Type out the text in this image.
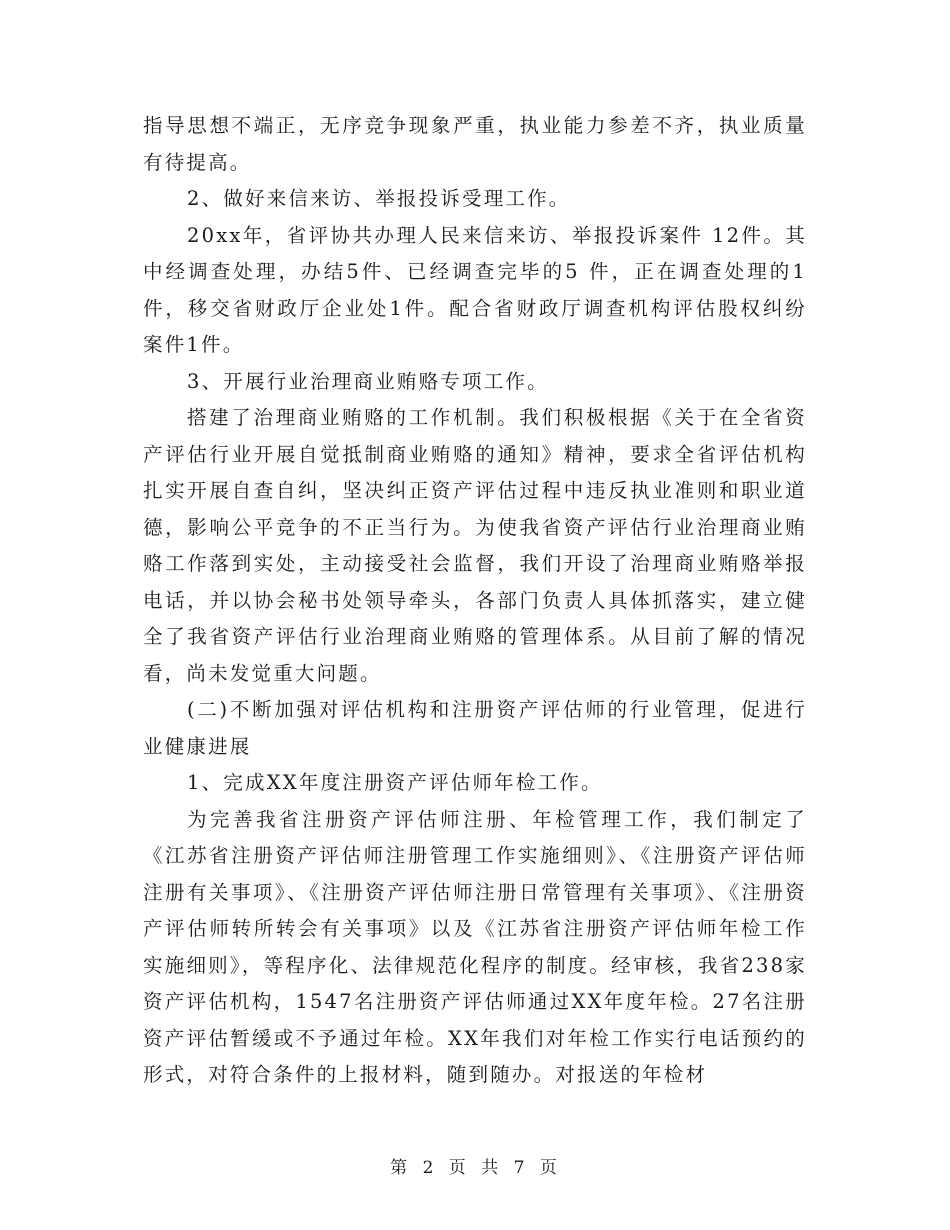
指导思想不端正，无序竞争现象严重，执业能力参差不齐，执业质量有待提高。

2、做好来信来访、举报投诉受理工作。

20xx年，省评协共办理人民来信来访、举报投诉案件 12件。其中经调查处理，办结5件、已经调查完毕的5 件，正在调查处理的1件，移交省财政厅企业处1件。配合省财政厅调查机构评估股权纠纷案件1件。

3、开展行业治理商业贿赂专项工作。

搭建了治理商业贿赂的工作机制。我们积极根据《关于在全省资产评估行业开展自觉抵制商业贿赂的通知》精神，要求全省评估机构扎实开展自查自纠，坚决纠正资产评估过程中违反执业准则和职业道德，影响公平竞争的不正当行为。为使我省资产评估行业治理商业贿赂工作落到实处，主动接受社会监督，我们开设了治理商业贿赂举报电话，并以协会秘书处领导牵头，各部门负责人具体抓落实，建立健全了我省资产评估行业治理商业贿赂的管理体系。从目前了解的情况看，尚未发觉重大问题。

(二)不断加强对评估机构和注册资产评估师的行业管理，促进行业健康进展

1、完成XX年度注册资产评估师年检工作。

为完善我省注册资产评估师注册、年检管理工作，我们制定了《江苏省注册资产评估师注册管理工作实施细则》、《注册资产评估师注册有关事项》、《注册资产评估师注册日常管理有关事项》、《注册资产评估师转所转会有关事项》以及《江苏省注册资产评估师年检工作实施细则》，等程序化、法律规范化程序的制度。经审核，我省238家资产评估机构，1547名注册资产评估师通过XX年度年检。27名注册资产评估暂缓或不予通过年检。XX年我们对年检工作实行电话预约的形式，对符合条件的上报材料，随到随办。对报送的年检材

第 2 页 共 7 页
